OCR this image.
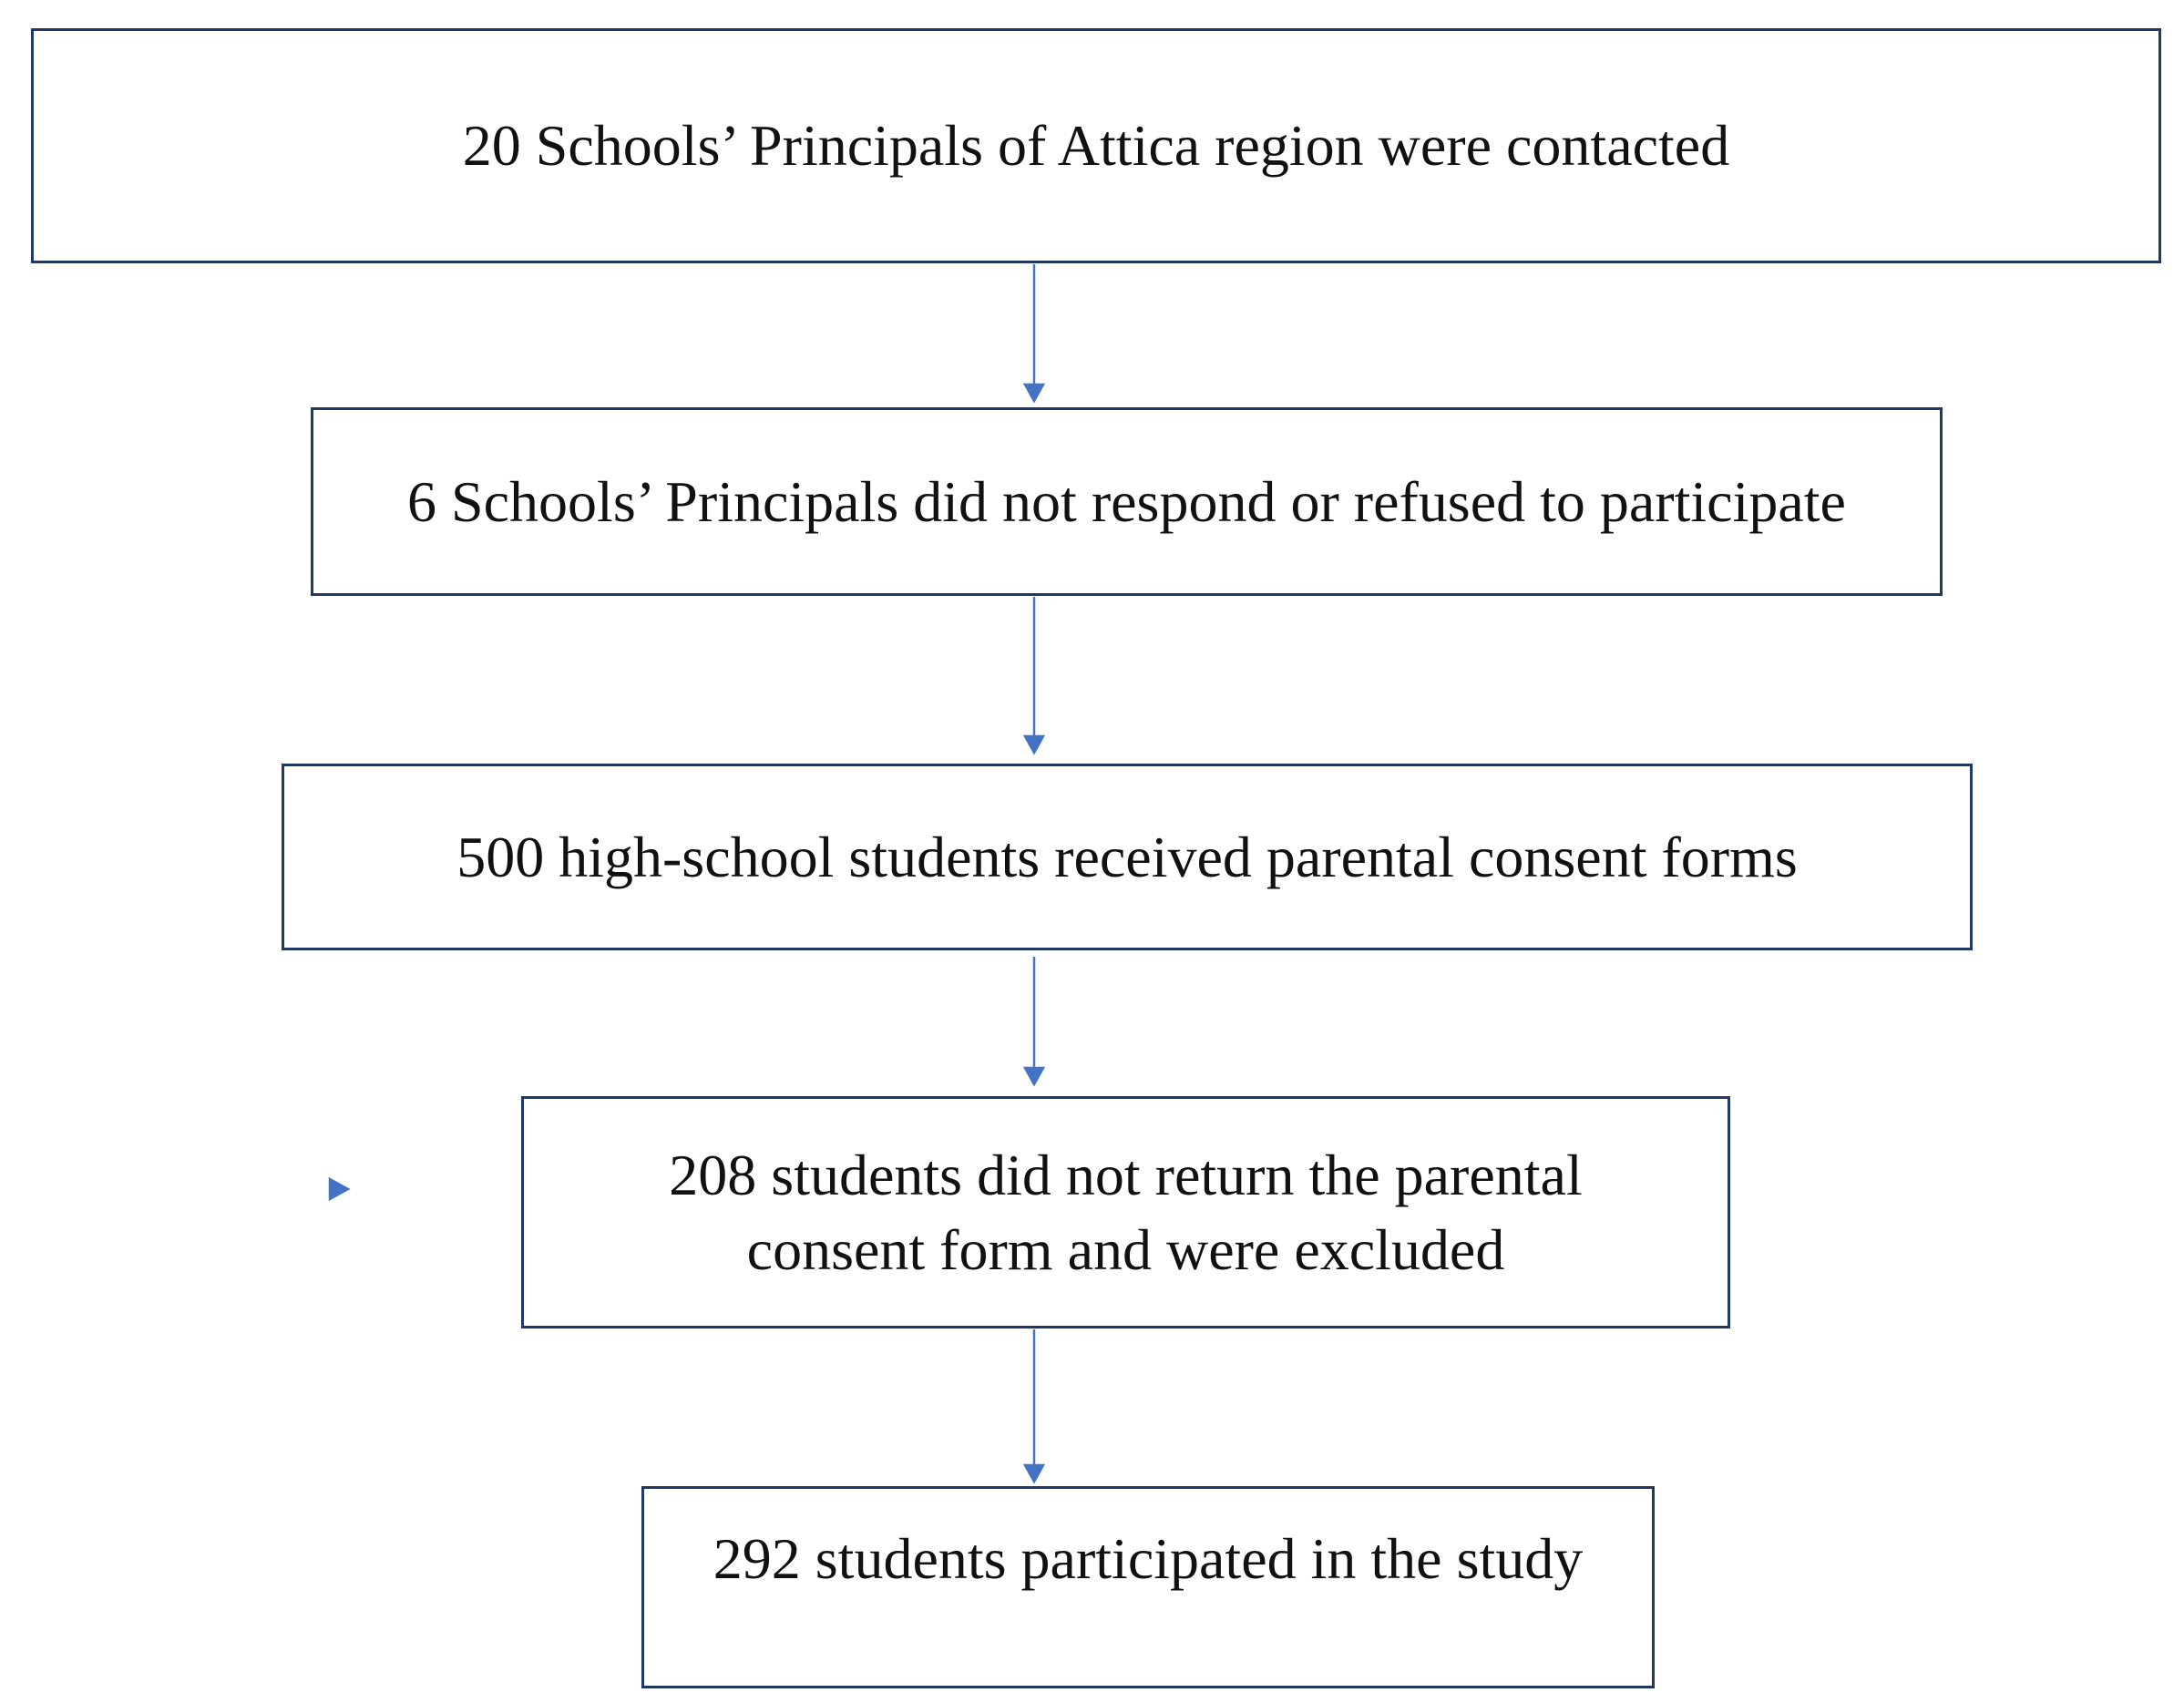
20 Schools’ Principals of Attica region were contacted
6 Schools’ Principals did not respond or refused to participate
500 high-school students received parental consent forms
208 students did not return the parental
consent form and were excluded
292 students participated in the study
